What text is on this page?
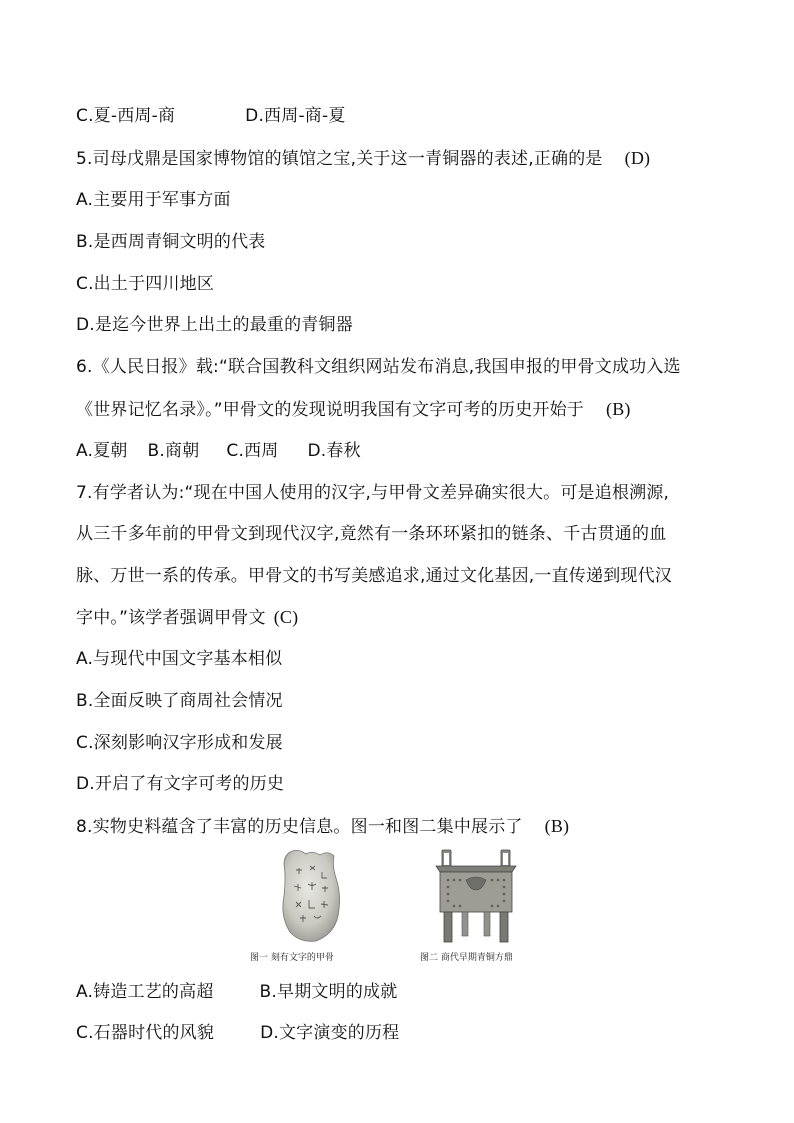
C.夏-西周-商	D.西周-商-夏
5.司母戊鼎是国家博物馆的镇馆之宝,关于这一青铜器的表述,正确的是 (D)
A.主要用于军事方面
B.是西周青铜文明的代表
C.出土于四川地区
D.是迄今世界上出土的最重的青铜器
6.《人民日报》载:“联合国教科文组织网站发布消息,我国申报的甲骨文成功入选
《世界记忆名录》。”甲骨文的发现说明我国有文字可考的历史开始于 (B)
A.夏朝 B.商朝 C.西周 D.春秋
7.有学者认为:“现在中国人使用的汉字,与甲骨文差异确实很大。可是追根溯源,
从三千多年前的甲骨文到现代汉字,竟然有一条环环紧扣的链条、千古贯通的血
脉、万世一系的传承。甲骨文的书写美感追求,通过文化基因,一直传递到现代汉
字中。”该学者强调甲骨文 (C)
A.与现代中国文字基本相似
B.全面反映了商周社会情况
C.深刻影响汉字形成和发展
D.开启了有文字可考的历史
8.实物史料蕴含了丰富的历史信息。图一和图二集中展示了 (B)
图一 刻有文字的甲骨	图二 商代早期青铜方鼎
A.铸造工艺的高超	B.早期文明的成就
C.石器时代的风貌	D.文字演变的历程
